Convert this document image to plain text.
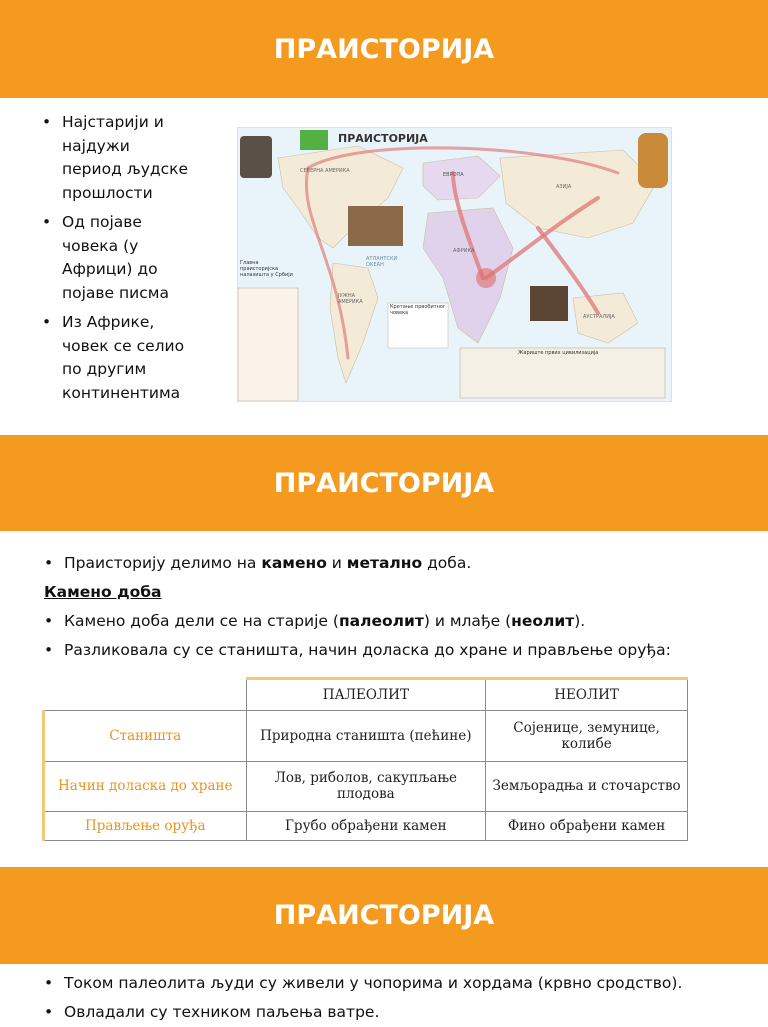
ПРАИСТОРИЈА
• Најстарији и најдужи период људске прошлости
• Од појаве човека (у Африци) до појаве писма
• Из Африке, човек се селио по другим континентима
ПРАИСТОРИЈА
СЕВЕРНА АМЕРИКА
ЕВРОПА
АЗИЈА
АФРИКА
АТЛАНТСКИ ОКЕАН
ЈУЖНА АМЕРИКА
АУСТРАЛИЈА
Главна праисторијска налазишта у Србији
Кретање првобитног човека
Жариште првих цивилизација
ПРАИСТОРИЈА
• Праисторију делимо на камено и метално доба.
Камено доба
• Камено доба дели се на старије (палеолит) и млађе (неолит).
• Разликовала су се станишта, начин доласка до хране и прављење оруђа:
	ПАЛЕОЛИТ	НЕОЛИТ
Станишта	Природна станишта (пећине)	Сојенице, земунице, колибе
Начин доласка до хране	Лов, риболов, сакупљање плодова	Земљорадња и сточарство
Прављење оруђа	Грубо обрађени камен	Фино обрађени камен
ПРАИСТОРИЈА
• Током палеолита људи су живели у чопорима и хордама (крвно сродство).
• Овладали су техником паљења ватре.
